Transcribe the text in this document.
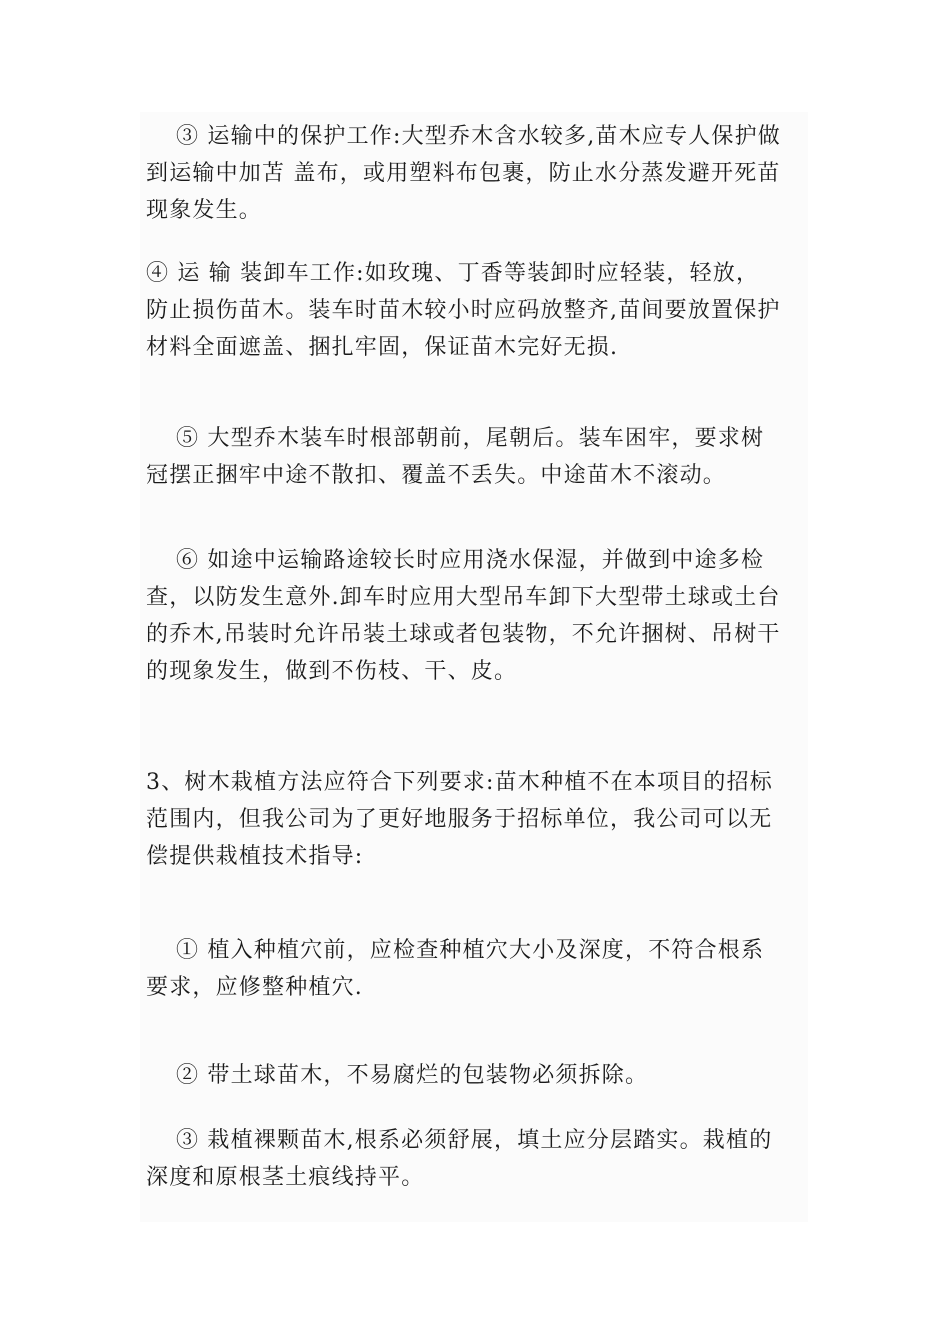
③ 运输中的保护工作:大型乔木含水较多,苗木应专人保护做
到运输中加苫 盖布，或用塑料布包裹，防止水分蒸发避开死苗
现象发生。

④ 运 输 装卸车工作:如玫瑰、丁香等装卸时应轻装，轻放，
防止损伤苗木。装车时苗木较小时应码放整齐,苗间要放置保护
材料全面遮盖、捆扎牢固，保证苗木完好无损.

⑤ 大型乔木装车时根部朝前，尾朝后。装车困牢，要求树
冠摆正捆牢中途不散扣、覆盖不丢失。中途苗木不滚动。

⑥ 如途中运输路途较长时应用浇水保湿，并做到中途多检
查，以防发生意外.卸车时应用大型吊车卸下大型带土球或土台
的乔木,吊装时允许吊装土球或者包装物，不允许捆树、吊树干
的现象发生，做到不伤枝、干、皮。

3、树木栽植方法应符合下列要求:苗木种植不在本项目的招标
范围内，但我公司为了更好地服务于招标单位，我公司可以无
偿提供栽植技术指导:

① 植入种植穴前，应检查种植穴大小及深度，不符合根系
要求，应修整种植穴.

② 带土球苗木，不易腐烂的包装物必须拆除。

③ 栽植裸颗苗木,根系必须舒展，填土应分层踏实。栽植的
深度和原根茎土痕线持平。
